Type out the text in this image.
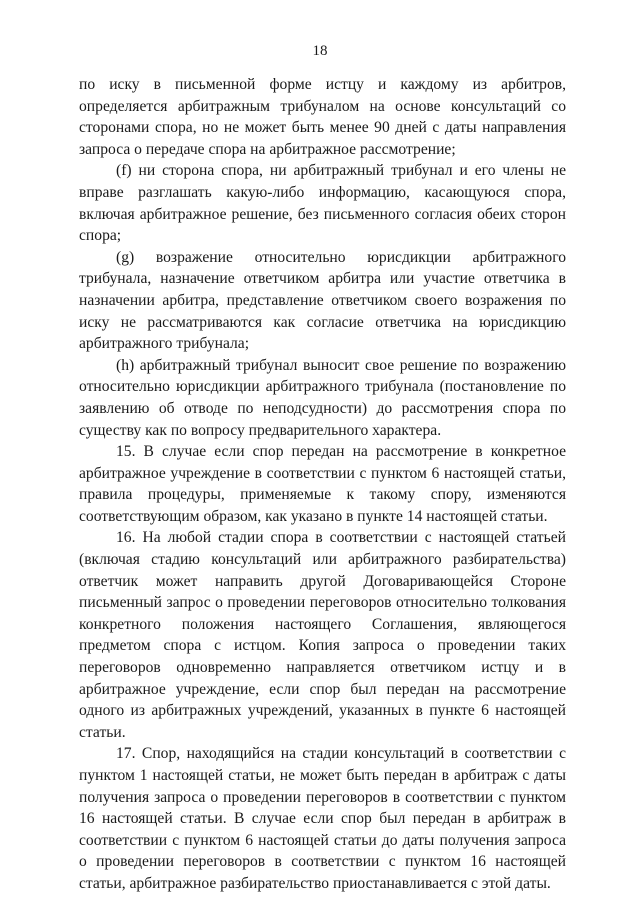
18

по иску в письменной форме истцу и каждому из арбитров, определяется арбитражным трибуналом на основе консультаций со сторонами спора, но не может быть менее 90 дней с даты направления запроса о передаче спора на арбитражное рассмотрение;

(f) ни сторона спора, ни арбитражный трибунал и его члены не вправе разглашать какую-либо информацию, касающуюся спора, включая арбитражное решение, без письменного согласия обеих сторон спора;

(g) возражение относительно юрисдикции арбитражного трибунала, назначение ответчиком арбитра или участие ответчика в назначении арбитра, представление ответчиком своего возражения по иску не рассматриваются как согласие ответчика на юрисдикцию арбитражного трибунала;

(h) арбитражный трибунал выносит свое решение по возражению относительно юрисдикции арбитражного трибунала (постановление по заявлению об отводе по неподсудности) до рассмотрения спора по существу как по вопросу предварительного характера.

15. В случае если спор передан на рассмотрение в конкретное арбитражное учреждение в соответствии с пунктом 6 настоящей статьи, правила процедуры, применяемые к такому спору, изменяются соответствующим образом, как указано в пункте 14 настоящей статьи.

16. На любой стадии спора в соответствии с настоящей статьей (включая стадию консультаций или арбитражного разбирательства) ответчик может направить другой Договаривающейся Стороне письменный запрос о проведении переговоров относительно толкования конкретного положения настоящего Соглашения, являющегося предметом спора с истцом. Копия запроса о проведении таких переговоров одновременно направляется ответчиком истцу и в арбитражное учреждение, если спор был передан на рассмотрение одного из арбитражных учреждений, указанных в пункте 6 настоящей статьи.

17. Спор, находящийся на стадии консультаций в соответствии с пунктом 1 настоящей статьи, не может быть передан в арбитраж с даты получения запроса о проведении переговоров в соответствии с пунктом 16 настоящей статьи. В случае если спор был передан в арбитраж в соответствии с пунктом 6 настоящей статьи до даты получения запроса о проведении переговоров в соответствии с пунктом 16 настоящей статьи, арбитражное разбирательство приостанавливается с этой даты.
